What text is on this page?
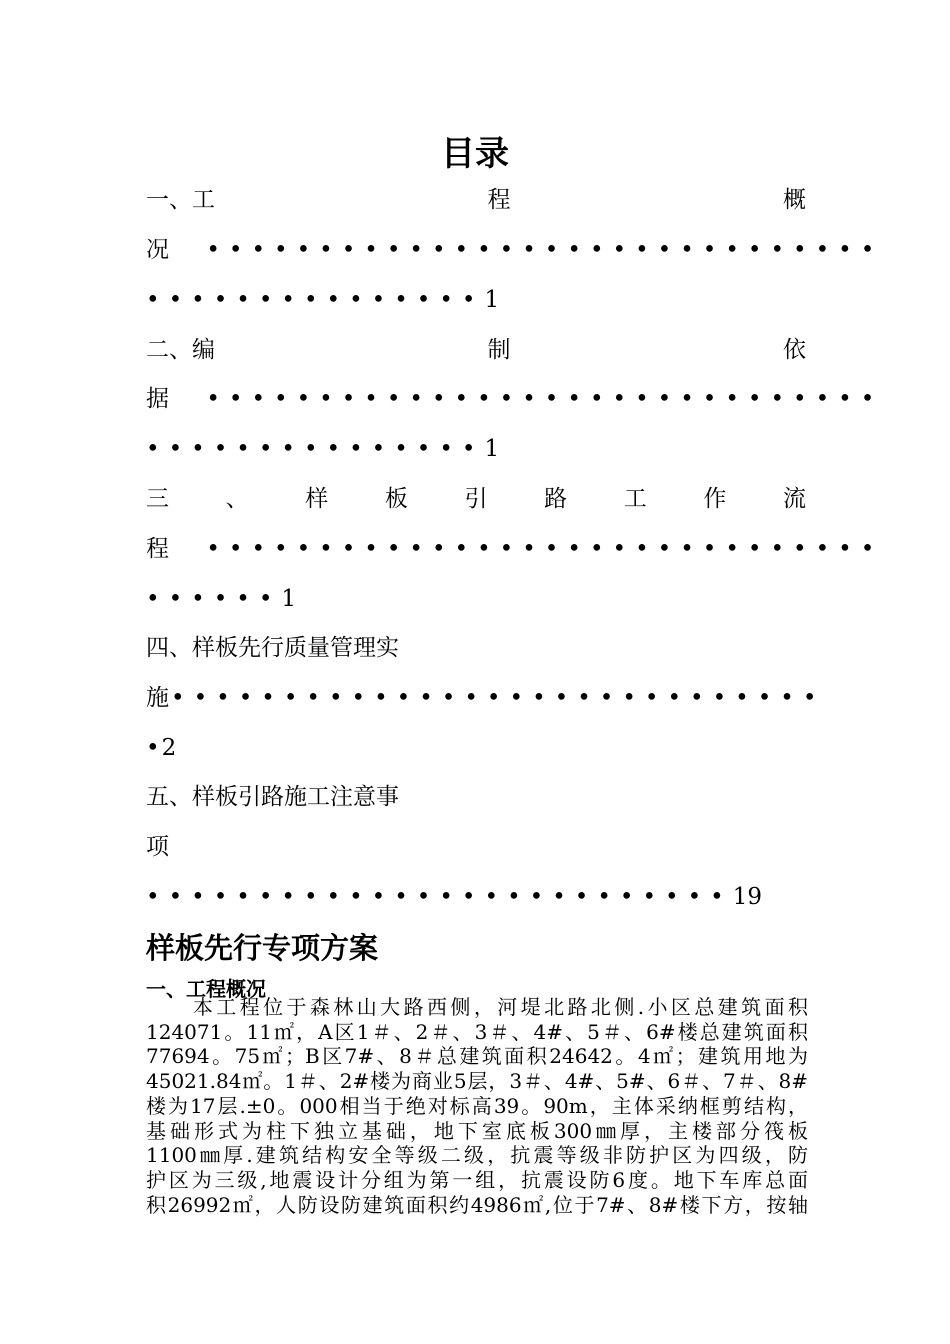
目录
一、工	程	概
况 ••••••••••••••••••••••••••••••
•••••••••••••••1
二、编	制	依
据 ••••••••••••••••••••••••••••••
•••••••••••••••1
三 、 样 板 引 路 工 作 流
程 ••••••••••••••••••••••••••••••
••••••1
四、样板先行质量管理实
施•••••••••••••••••••••••••••••
•2
五、样板引路施工注意事
项
••••••••••••••••••••••••••19
样板先行专项方案
一、工程概况
　　本工程位于森林山大路西侧，河堤北路北侧.小区总建筑面积
124071。11㎡，A区1＃、2＃、3＃、4#、5＃、6#楼总建筑面积
77694。75㎡；B区7#、8＃总建筑面积24642。4㎡；建筑用地为
45021.84㎡。1＃、2#楼为商业5层，3＃、4#、5#、6＃、7＃、8#
楼为17层.±0。000相当于绝对标高39。90m，主体采纳框剪结构，
基础形式为柱下独立基础，地下室底板300㎜厚，主楼部分筏板
1100㎜厚.建筑结构安全等级二级，抗震等级非防护区为四级，防
护区为三级,地震设计分组为第一组，抗震设防6度。地下车库总面
积26992㎡，人防设防建筑面积约4986㎡,位于7#、8#楼下方，按轴
